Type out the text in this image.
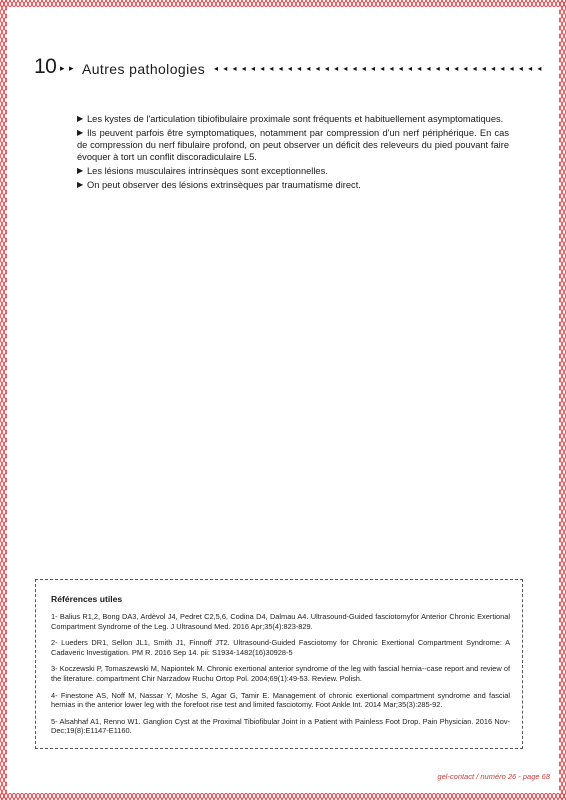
10 ▸ ▸ Autres pathologies ◂ ◂ ◂ ◂ ◂ ◂ ◂ ◂ ◂ ◂ ◂ ◂ ◂ ◂ ◂ ◂ ◂ ◂ ◂ ◂ ◂ ◂ ◂ ◂ ◂ ◂ ◂ ◂ ◂ ◂ ◂ ◂ ◂ ◂ ◂ ◂
▶ Les kystes de l'articulation tibiofibulaire proximale sont fréquents et habituellement asymptomatiques.
▶ Ils peuvent parfois être symptomatiques, notamment par compression d'un nerf périphérique. En cas de compression du nerf fibulaire profond, on peut observer un déficit des releveurs du pied pouvant faire évoquer à tort un conflit discoradiculaire L5.
▶ Les lésions musculaires intrinsèques sont exceptionnelles.
▶ On peut observer des lésions extrinsèques par traumatisme direct.
Références utiles
1- Balius R1,2, Bong DA3, Ardèvol J4, Pedret C2,5,6, Codina D4, Dalmau A4. Ultrasound-Guided fasciotomyfor Anterior Chronic Exertional Compartment Syndrome of the Leg. J Ultrasound Med. 2016 Apr;35(4):823-829.
2- Lueders DR1, Sellon JL1, Smith J1, Finnoff JT2. Ultrasound-Guided Fasciotomy for Chronic Exertional Compartment Syndrome: A Cadaveric Investigation. PM R. 2016 Sep 14. pii: S1934-1482(16)30928-5
3- Koczewski P, Tomaszewski M, Napiontek M. Chronic exertional anterior syndrome of the leg with fascial hernia--case report and review of the literature. compartment Chir Narzadow Ruchu Ortop Pol. 2004;69(1):49-53. Review. Polish.
4- Finestone AS, Noff M, Nassar Y, Moshe S, Agar G, Tamir E. Management of chronic exertional compartment syndrome and fascial hernias in the anterior lower leg with the forefoot rise test and limited fasciotomy. Foot Ankle Int. 2014 Mar;35(3):285-92.
5- Alsahhaf A1, Renno W1. Ganglion Cyst at the Proximal Tibiofibular Joint in a Patient with Painless Foot Drop. Pain Physician. 2016 Nov-Dec;19(8):E1147-E1160.
gel-contact / numéro 26 - page 68
